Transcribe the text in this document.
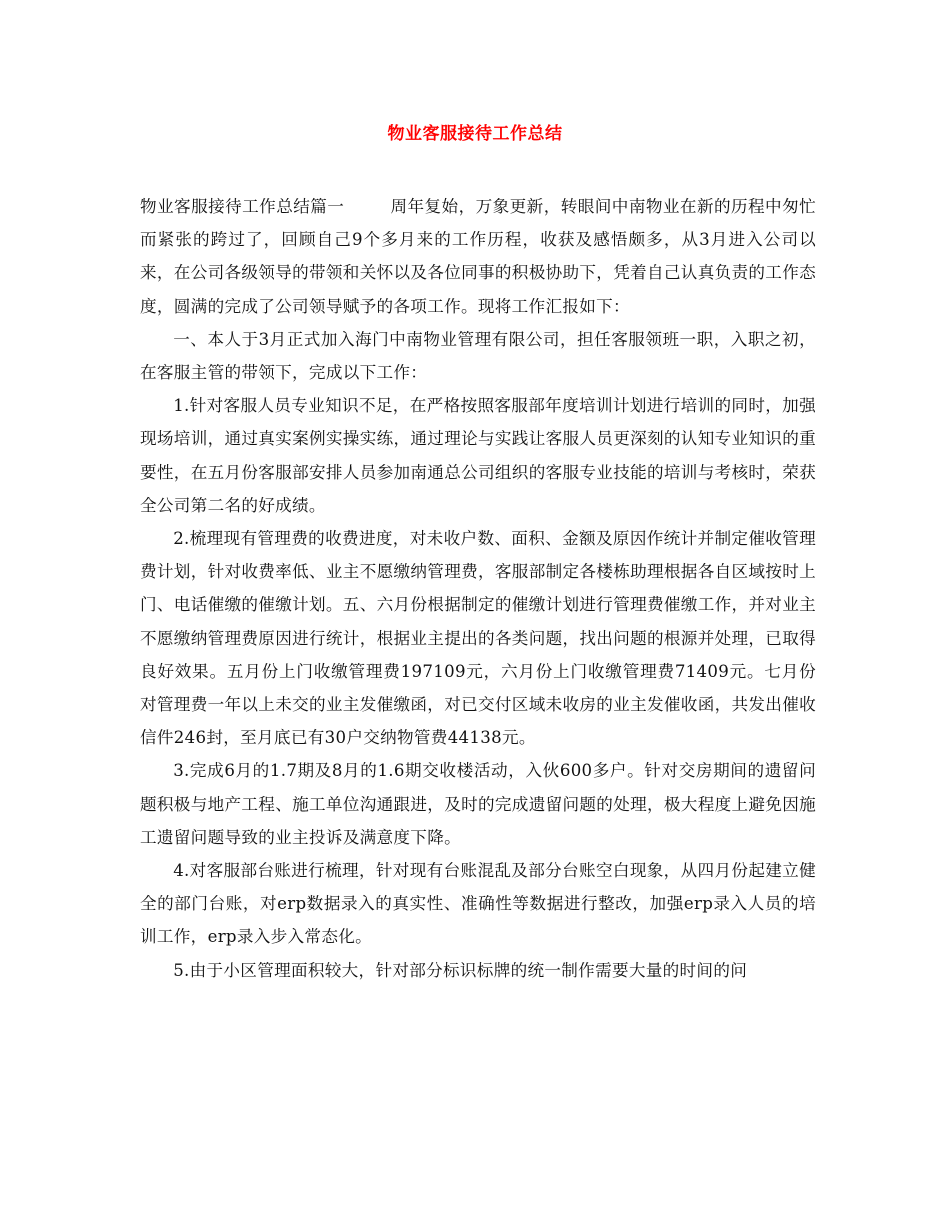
物业客服接待工作总结

物业客服接待工作总结篇一	周年复始，万象更新，转眼间中南物业在新的历程中匆忙而紧张的跨过了，回顾自己9个多月来的工作历程，收获及感悟颇多，从3月进入公司以来，在公司各级领导的带领和关怀以及各位同事的积极协助下，凭着自己认真负责的工作态度，圆满的完成了公司领导赋予的各项工作。现将工作汇报如下：

一、本人于3月正式加入海门中南物业管理有限公司，担任客服领班一职，入职之初，在客服主管的带领下，完成以下工作：

1.针对客服人员专业知识不足，在严格按照客服部年度培训计划进行培训的同时，加强现场培训，通过真实案例实操实练，通过理论与实践让客服人员更深刻的认知专业知识的重要性，在五月份客服部安排人员参加南通总公司组织的客服专业技能的培训与考核时，荣获全公司第二名的好成绩。

2.梳理现有管理费的收费进度，对未收户数、面积、金额及原因作统计并制定催收管理费计划，针对收费率低、业主不愿缴纳管理费，客服部制定各楼栋助理根据各自区域按时上门、电话催缴的催缴计划。五、六月份根据制定的催缴计划进行管理费催缴工作，并对业主不愿缴纳管理费原因进行统计，根据业主提出的各类问题，找出问题的根源并处理，已取得良好效果。五月份上门收缴管理费197109元，六月份上门收缴管理费71409元。七月份对管理费一年以上未交的业主发催缴函，对已交付区域未收房的业主发催收函，共发出催收信件246封，至月底已有30户交纳物管费44138元。

3.完成6月的1.7期及8月的1.6期交收楼活动，入伙600多户。针对交房期间的遗留问题积极与地产工程、施工单位沟通跟进，及时的完成遗留问题的处理，极大程度上避免因施工遗留问题导致的业主投诉及满意度下降。

4.对客服部台账进行梳理，针对现有台账混乱及部分台账空白现象，从四月份起建立健全的部门台账，对erp数据录入的真实性、准确性等数据进行整改，加强erp录入人员的培训工作，erp录入步入常态化。

5.由于小区管理面积较大，针对部分标识标牌的统一制作需要大量的时间的问
